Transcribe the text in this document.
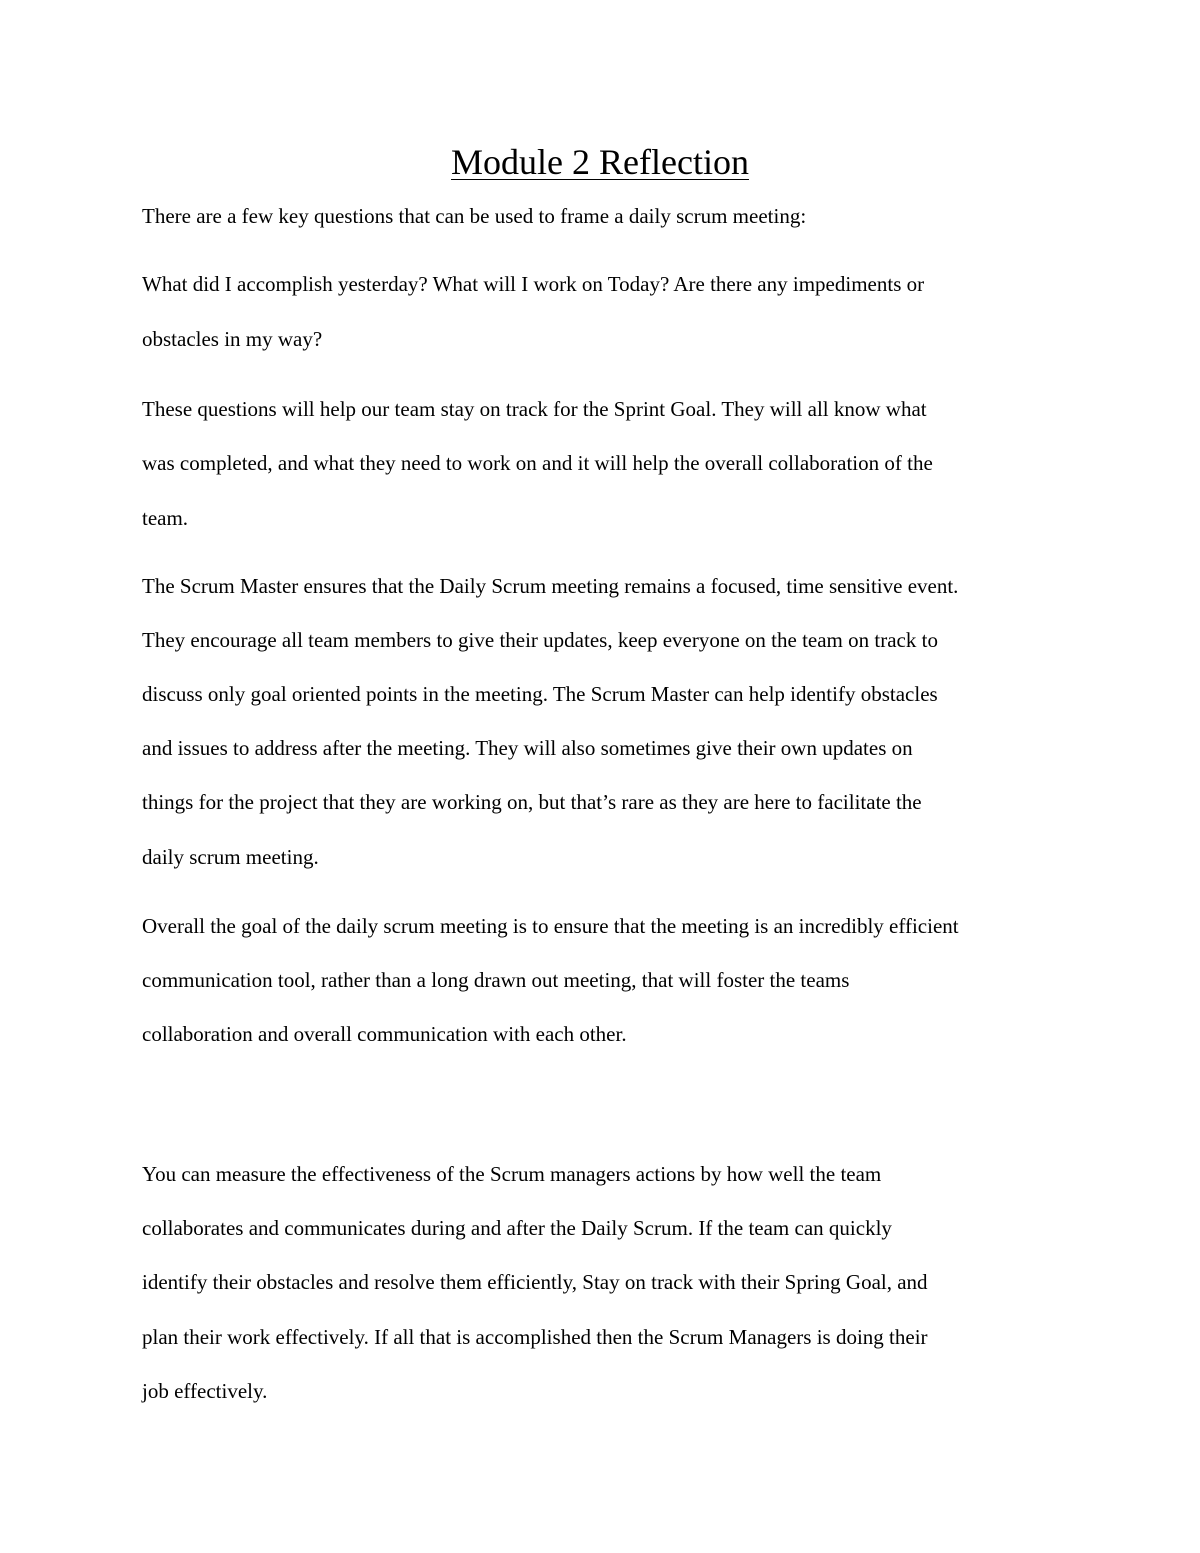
Module 2 Reflection

There are a few key questions that can be used to frame a daily scrum meeting:

What did I accomplish yesterday? What will I work on Today? Are there any impediments or

obstacles in my way?

These questions will help our team stay on track for the Sprint Goal. They will all know what

was completed, and what they need to work on and it will help the overall collaboration of the

team.

The Scrum Master ensures that the Daily Scrum meeting remains a focused, time sensitive event.

They encourage all team members to give their updates, keep everyone on the team on track to

discuss only goal oriented points in the meeting. The Scrum Master can help identify obstacles

and issues to address after the meeting. They will also sometimes give their own updates on

things for the project that they are working on, but that’s rare as they are here to facilitate the

daily scrum meeting.

Overall the goal of the daily scrum meeting is to ensure that the meeting is an incredibly efficient

communication tool, rather than a long drawn out meeting, that will foster the teams

collaboration and overall communication with each other.

You can measure the effectiveness of the Scrum managers actions by how well the team

collaborates and communicates during and after the Daily Scrum. If the team can quickly

identify their obstacles and resolve them efficiently, Stay on track with their Spring Goal, and

plan their work effectively. If all that is accomplished then the Scrum Managers is doing their

job effectively.
